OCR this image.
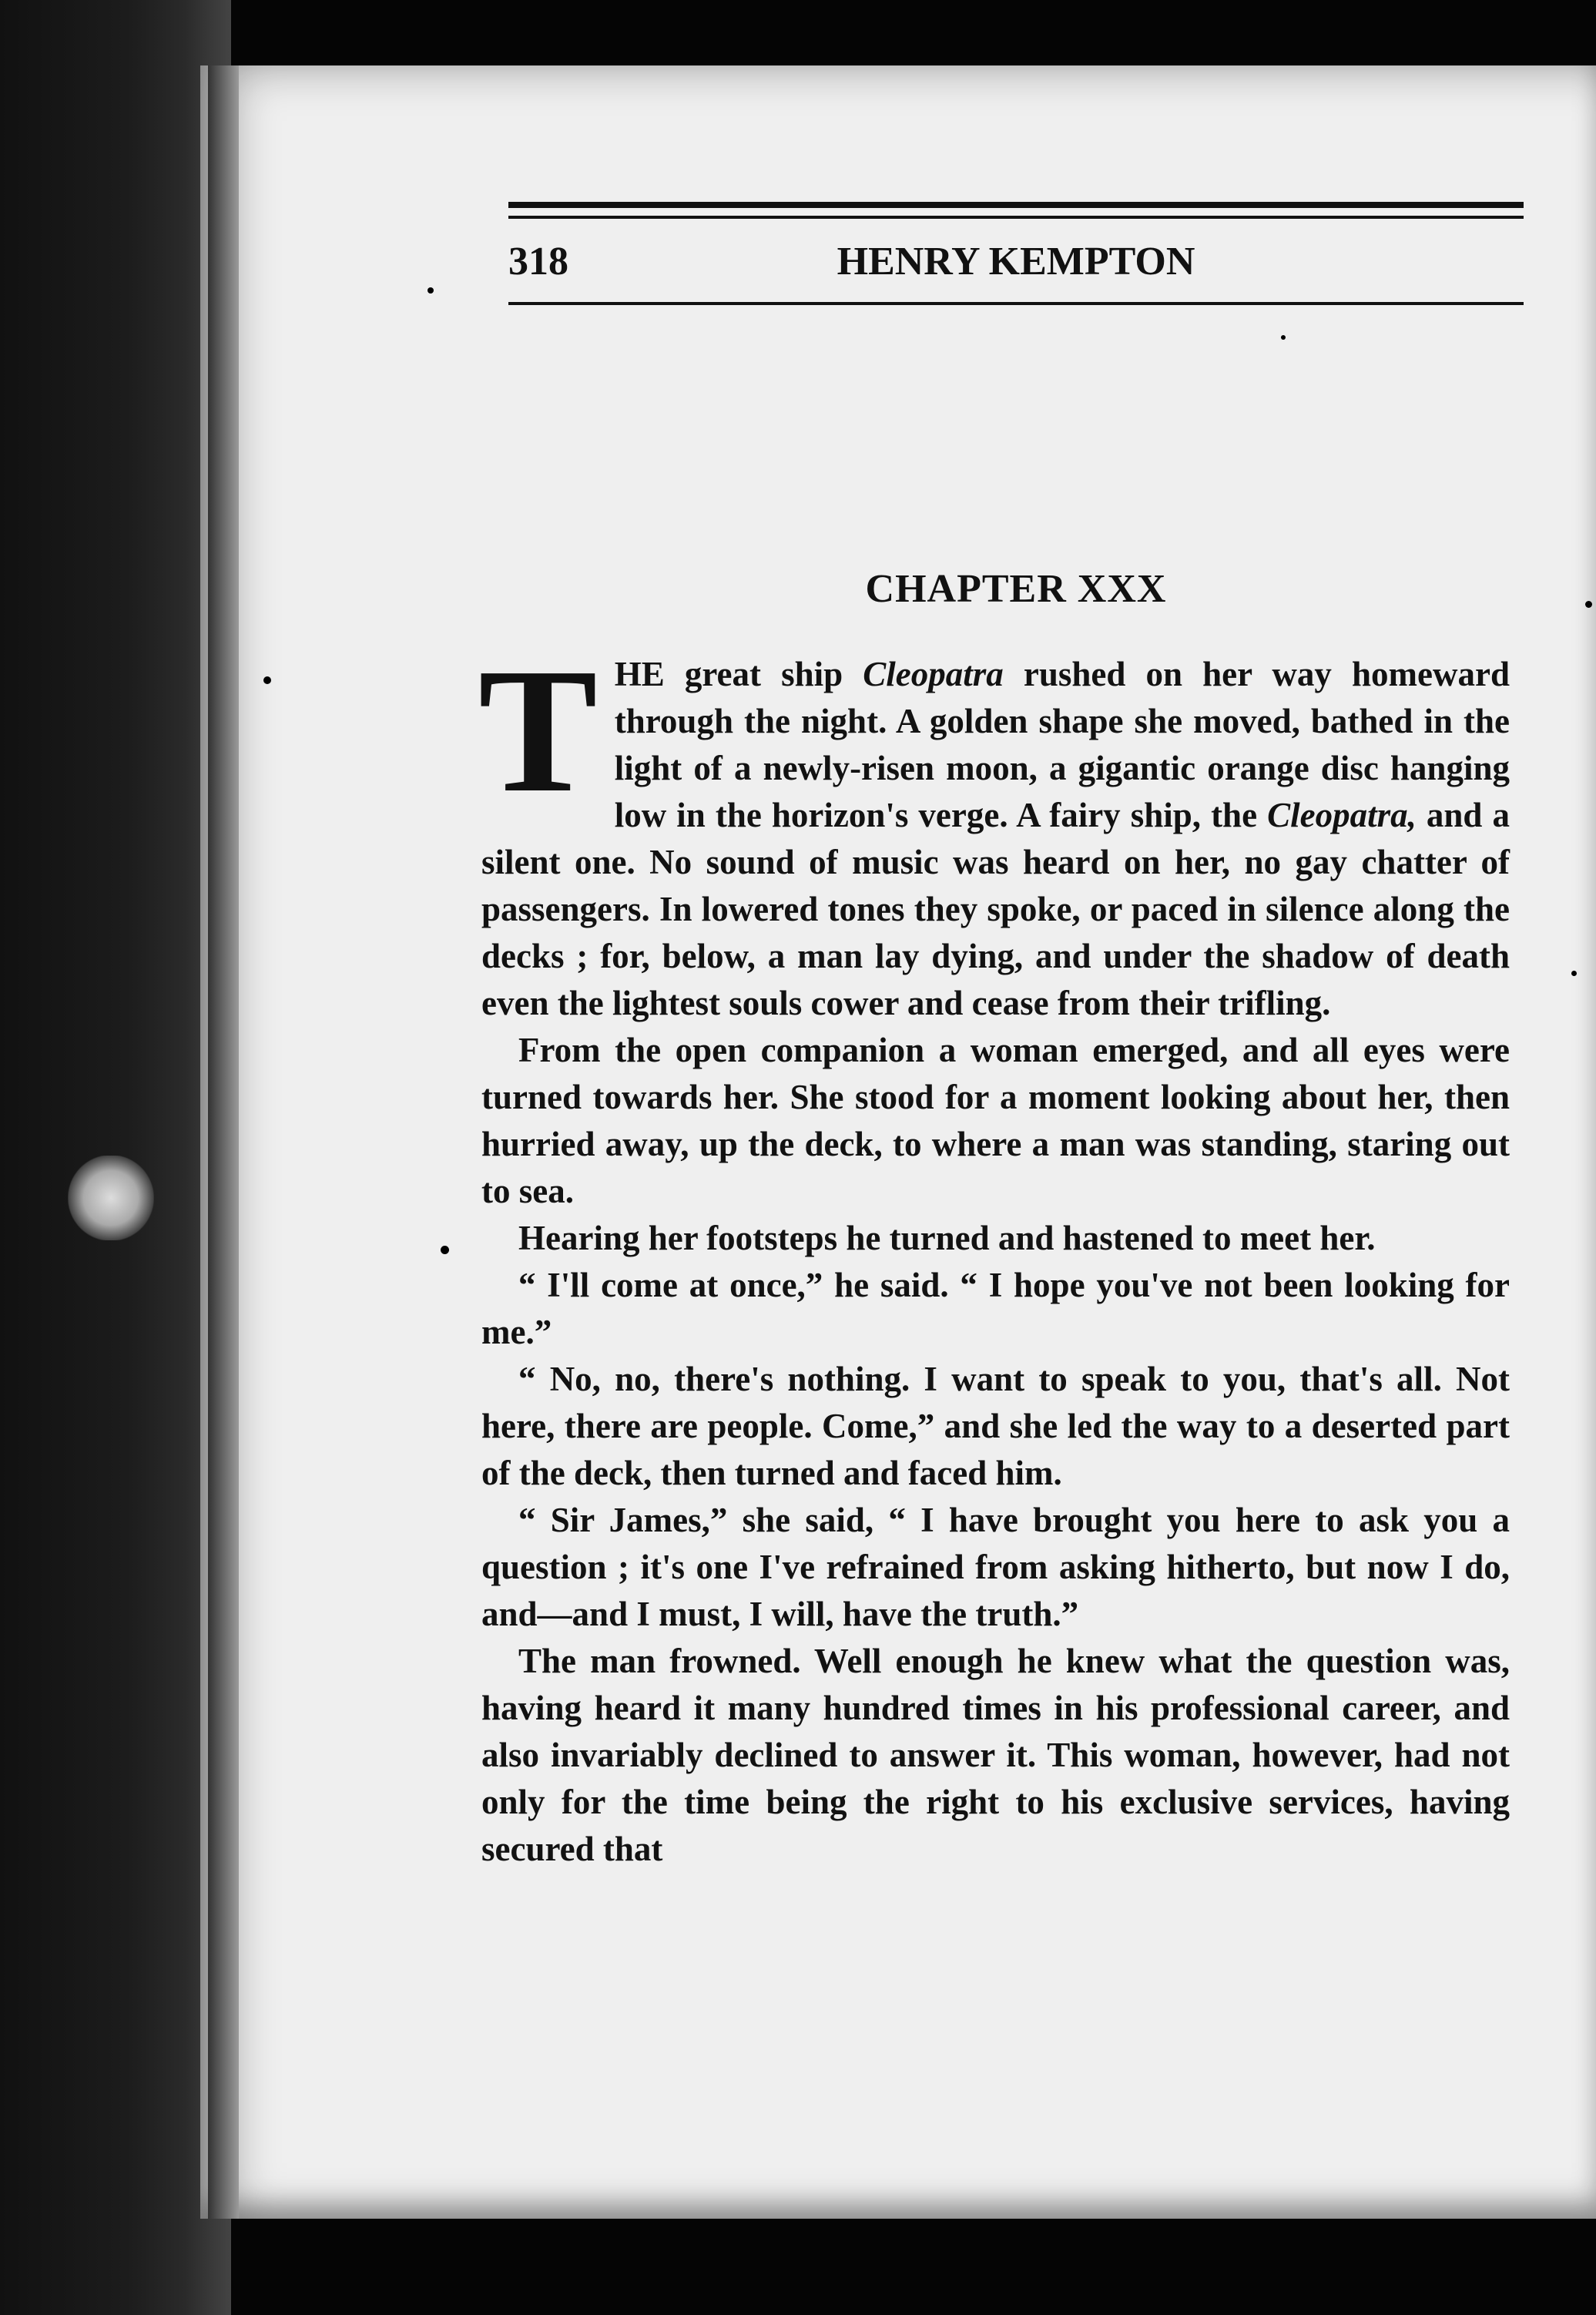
318	HENRY KEMPTON
CHAPTER XXX

THE great ship Cleopatra rushed on her way homeward through the night. A golden shape she moved, bathed in the light of a newly-risen moon, a gigantic orange disc hanging low in the horizon's verge. A fairy ship, the Cleopatra, and a silent one. No sound of music was heard on her, no gay chatter of passengers. In lowered tones they spoke, or paced in silence along the decks ; for, below, a man lay dying, and under the shadow of death even the lightest souls cower and cease from their trifling.

From the open companion a woman emerged, and all eyes were turned towards her. She stood for a moment looking about her, then hurried away, up the deck, to where a man was standing, staring out to sea.

Hearing her footsteps he turned and hastened to meet her.

“ I'll come at once,” he said. “ I hope you've not been looking for me.”

“ No, no, there's nothing. I want to speak to you, that's all. Not here, there are people. Come,” and she led the way to a deserted part of the deck, then turned and faced him.

“ Sir James,” she said, “ I have brought you here to ask you a question ; it's one I've refrained from asking hitherto, but now I do, and—and I must, I will, have the truth.”

The man frowned. Well enough he knew what the question was, having heard it many hundred times in his professional career, and also invariably declined to answer it. This woman, however, had not only for the time being the right to his exclusive services, having secured that
